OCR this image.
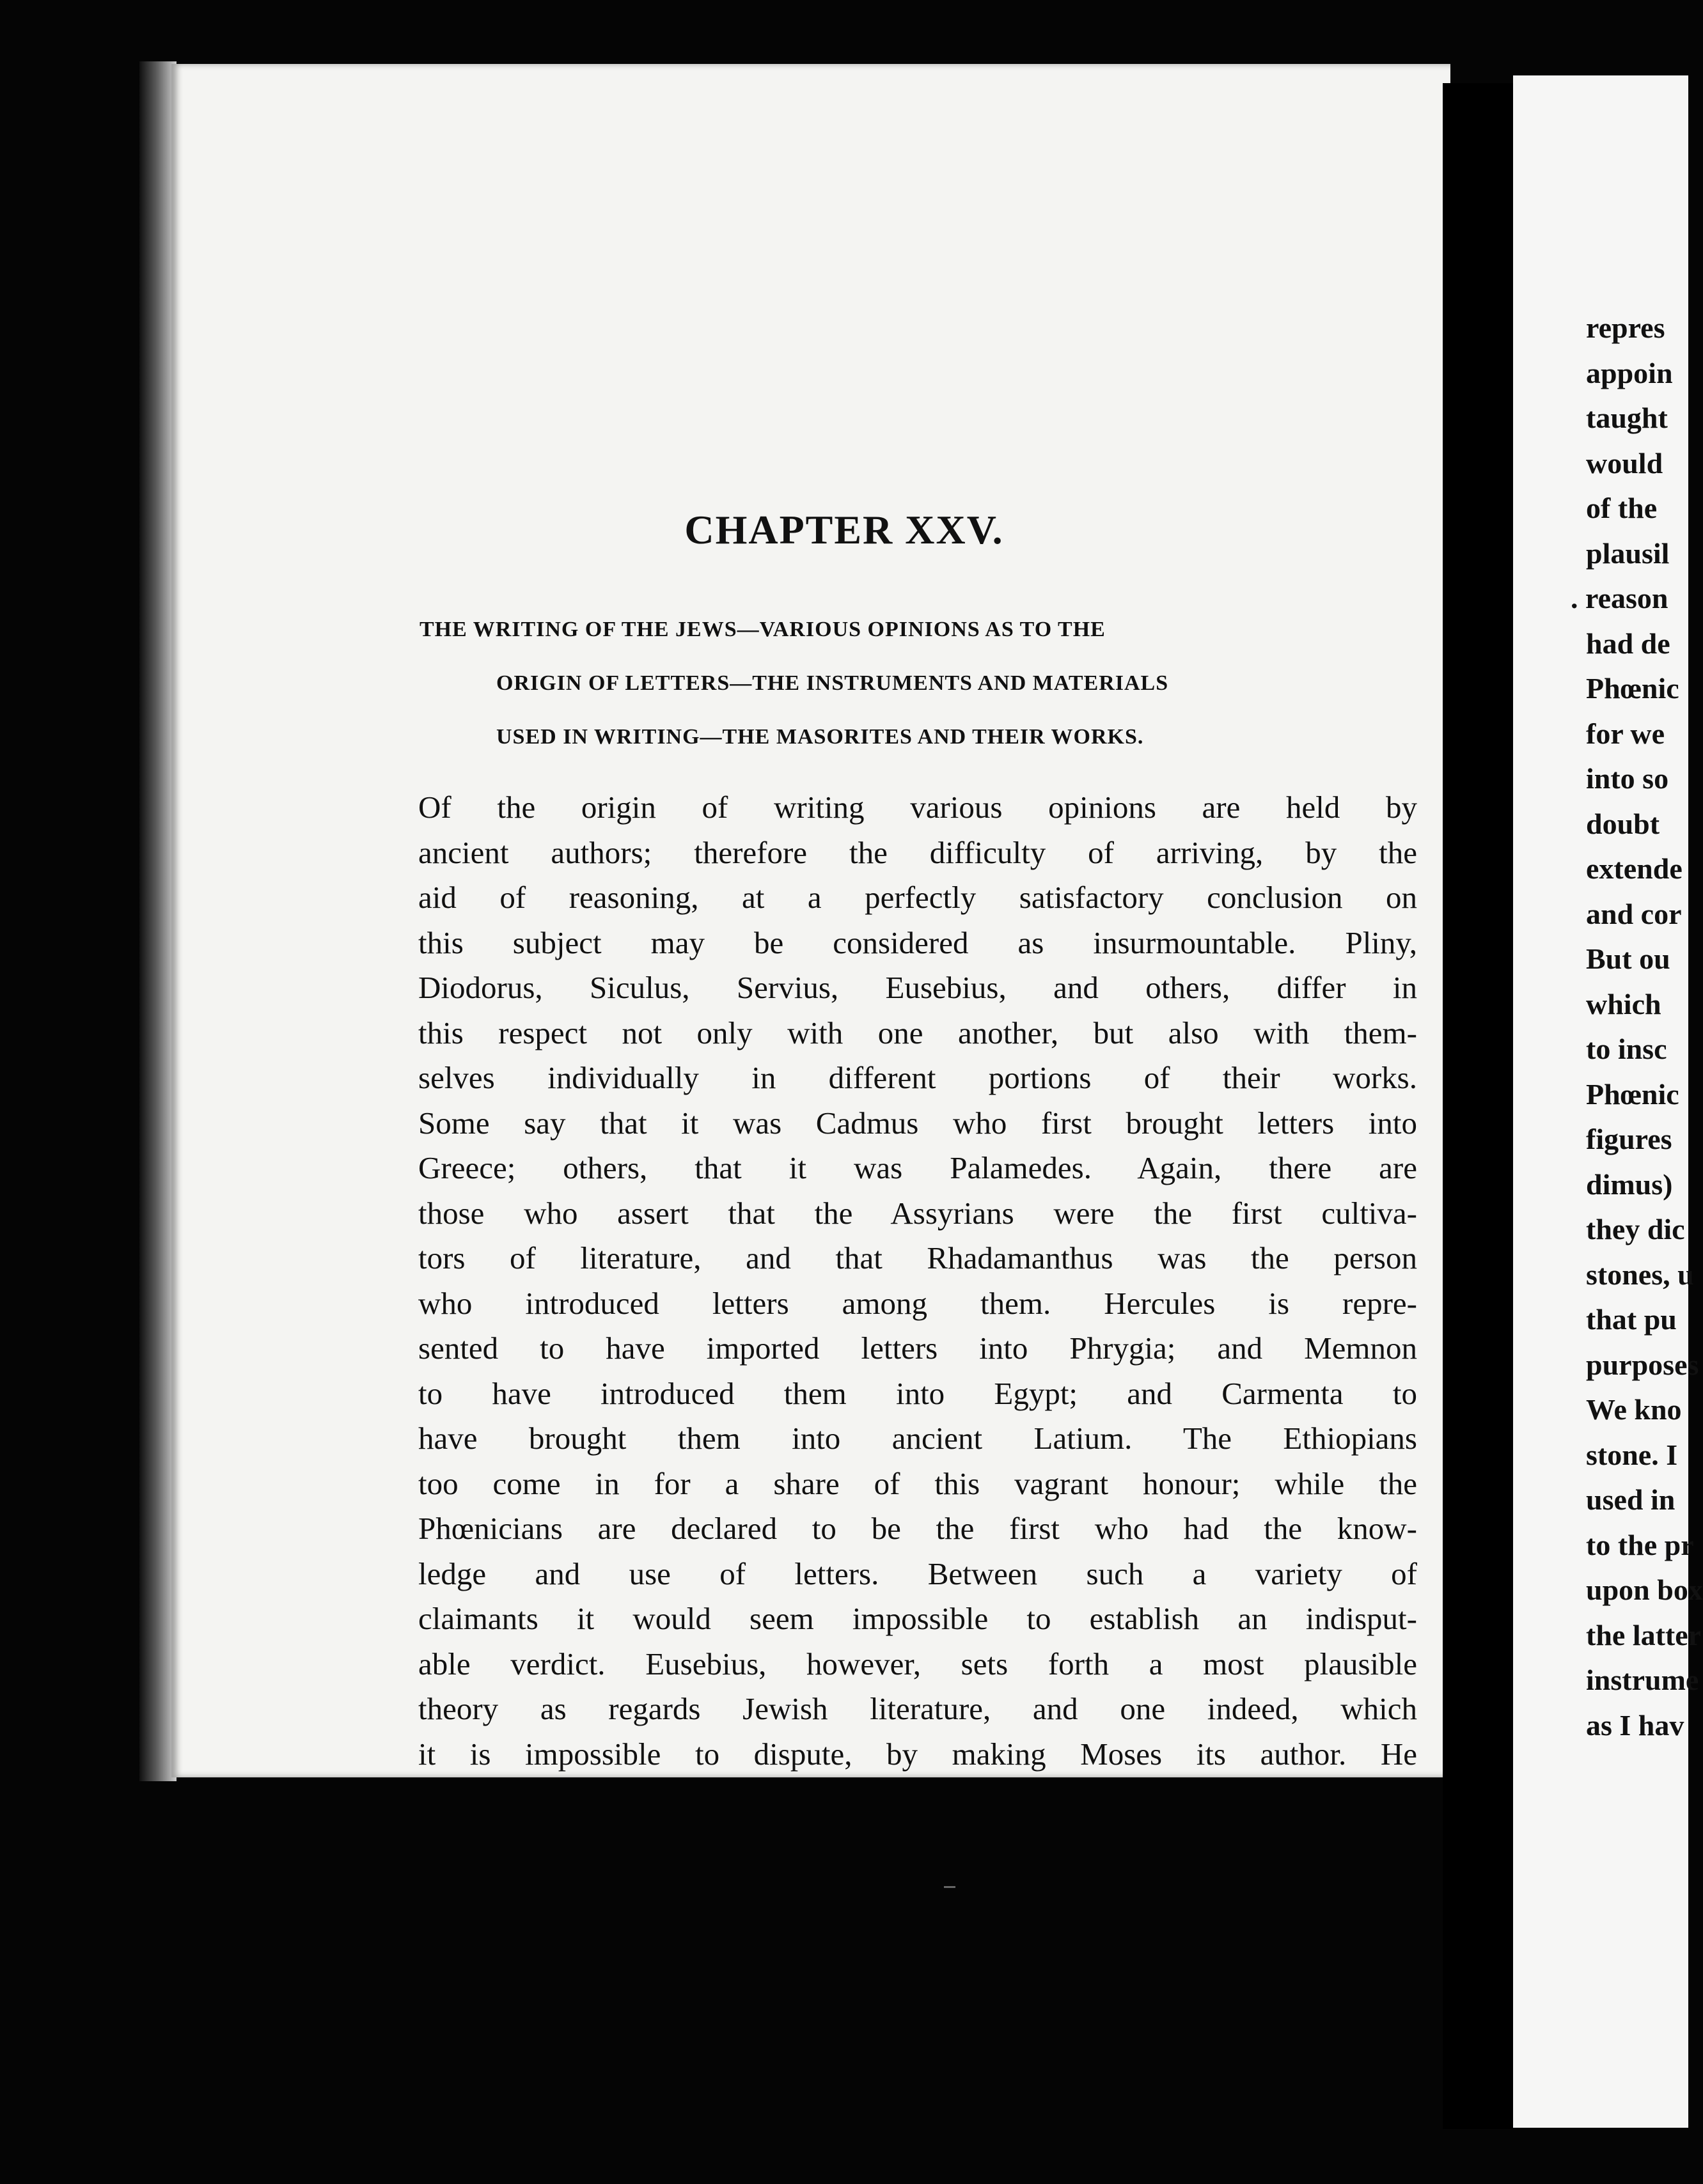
CHAPTER XXV.
THE WRITING OF THE JEWS—VARIOUS OPINIONS AS TO THE
ORIGIN OF LETTERS—THE INSTRUMENTS AND MATERIALS
USED IN WRITING—THE MASORITES AND THEIR WORKS.
Of the origin of writing various opinions are held by
ancient authors; therefore the difficulty of arriving, by the
aid of reasoning, at a perfectly satisfactory conclusion on
this subject may be considered as insurmountable. Pliny,
Diodorus, Siculus, Servius, Eusebius, and others, differ in
this respect not only with one another, but also with them-
selves individually in different portions of their works.
Some say that it was Cadmus who first brought letters into
Greece; others, that it was Palamedes. Again, there are
those who assert that the Assyrians were the first cultiva-
tors of literature, and that Rhadamanthus was the person
who introduced letters among them. Hercules is repre-
sented to have imported letters into Phrygia; and Memnon
to have introduced them into Egypt; and Carmenta to
have brought them into ancient Latium. The Ethiopians
too come in for a share of this vagrant honour; while the
Phœnicians are declared to be the first who had the know-
ledge and use of letters. Between such a variety of
claimants it would seem impossible to establish an indisput-
able verdict. Eusebius, however, sets forth a most plausible
theory as regards Jewish literature, and one indeed, which
it is impossible to dispute, by making Moses its author. He
repres
appoin
taught
would
of the
plausil
. reason
had de
Phœnic
for we
into so
doubt
extende
and cor
But ou
which
to insc
Phœnic
figures
dimus)
they dic
stones, u
that pu
purposes
We kno
stone. I
used in
to the pr
upon box
the latter
instrume
as I hav
